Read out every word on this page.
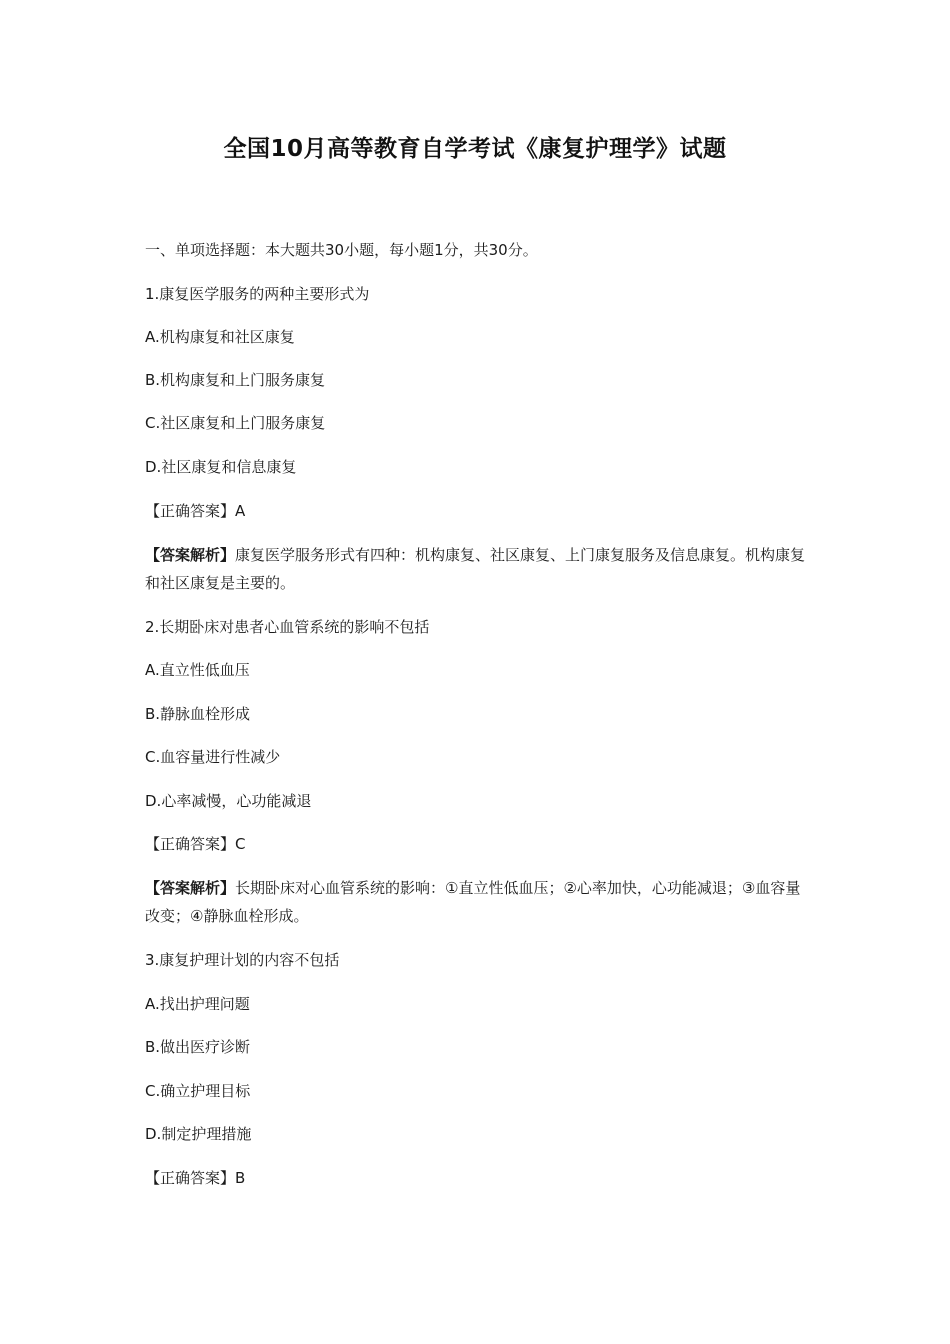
全国10月高等教育自学考试《康复护理学》试题
一、单项选择题：本大题共30小题，每小题1分，共30分。
1.康复医学服务的两种主要形式为
A.机构康复和社区康复
B.机构康复和上门服务康复
C.社区康复和上门服务康复
D.社区康复和信息康复
【正确答案】A
【答案解析】康复医学服务形式有四种：机构康复、社区康复、上门康复服务及信息康复。机构康复和社区康复是主要的。
2.长期卧床对患者心血管系统的影响不包括
A.直立性低血压
B.静脉血栓形成
C.血容量进行性减少
D.心率减慢，心功能减退
【正确答案】C
【答案解析】长期卧床对心血管系统的影响：①直立性低血压；②心率加快，心功能减退；③血容量改变；④静脉血栓形成。
3.康复护理计划的内容不包括
A.找出护理问题
B.做出医疗诊断
C.确立护理目标
D.制定护理措施
【正确答案】B
